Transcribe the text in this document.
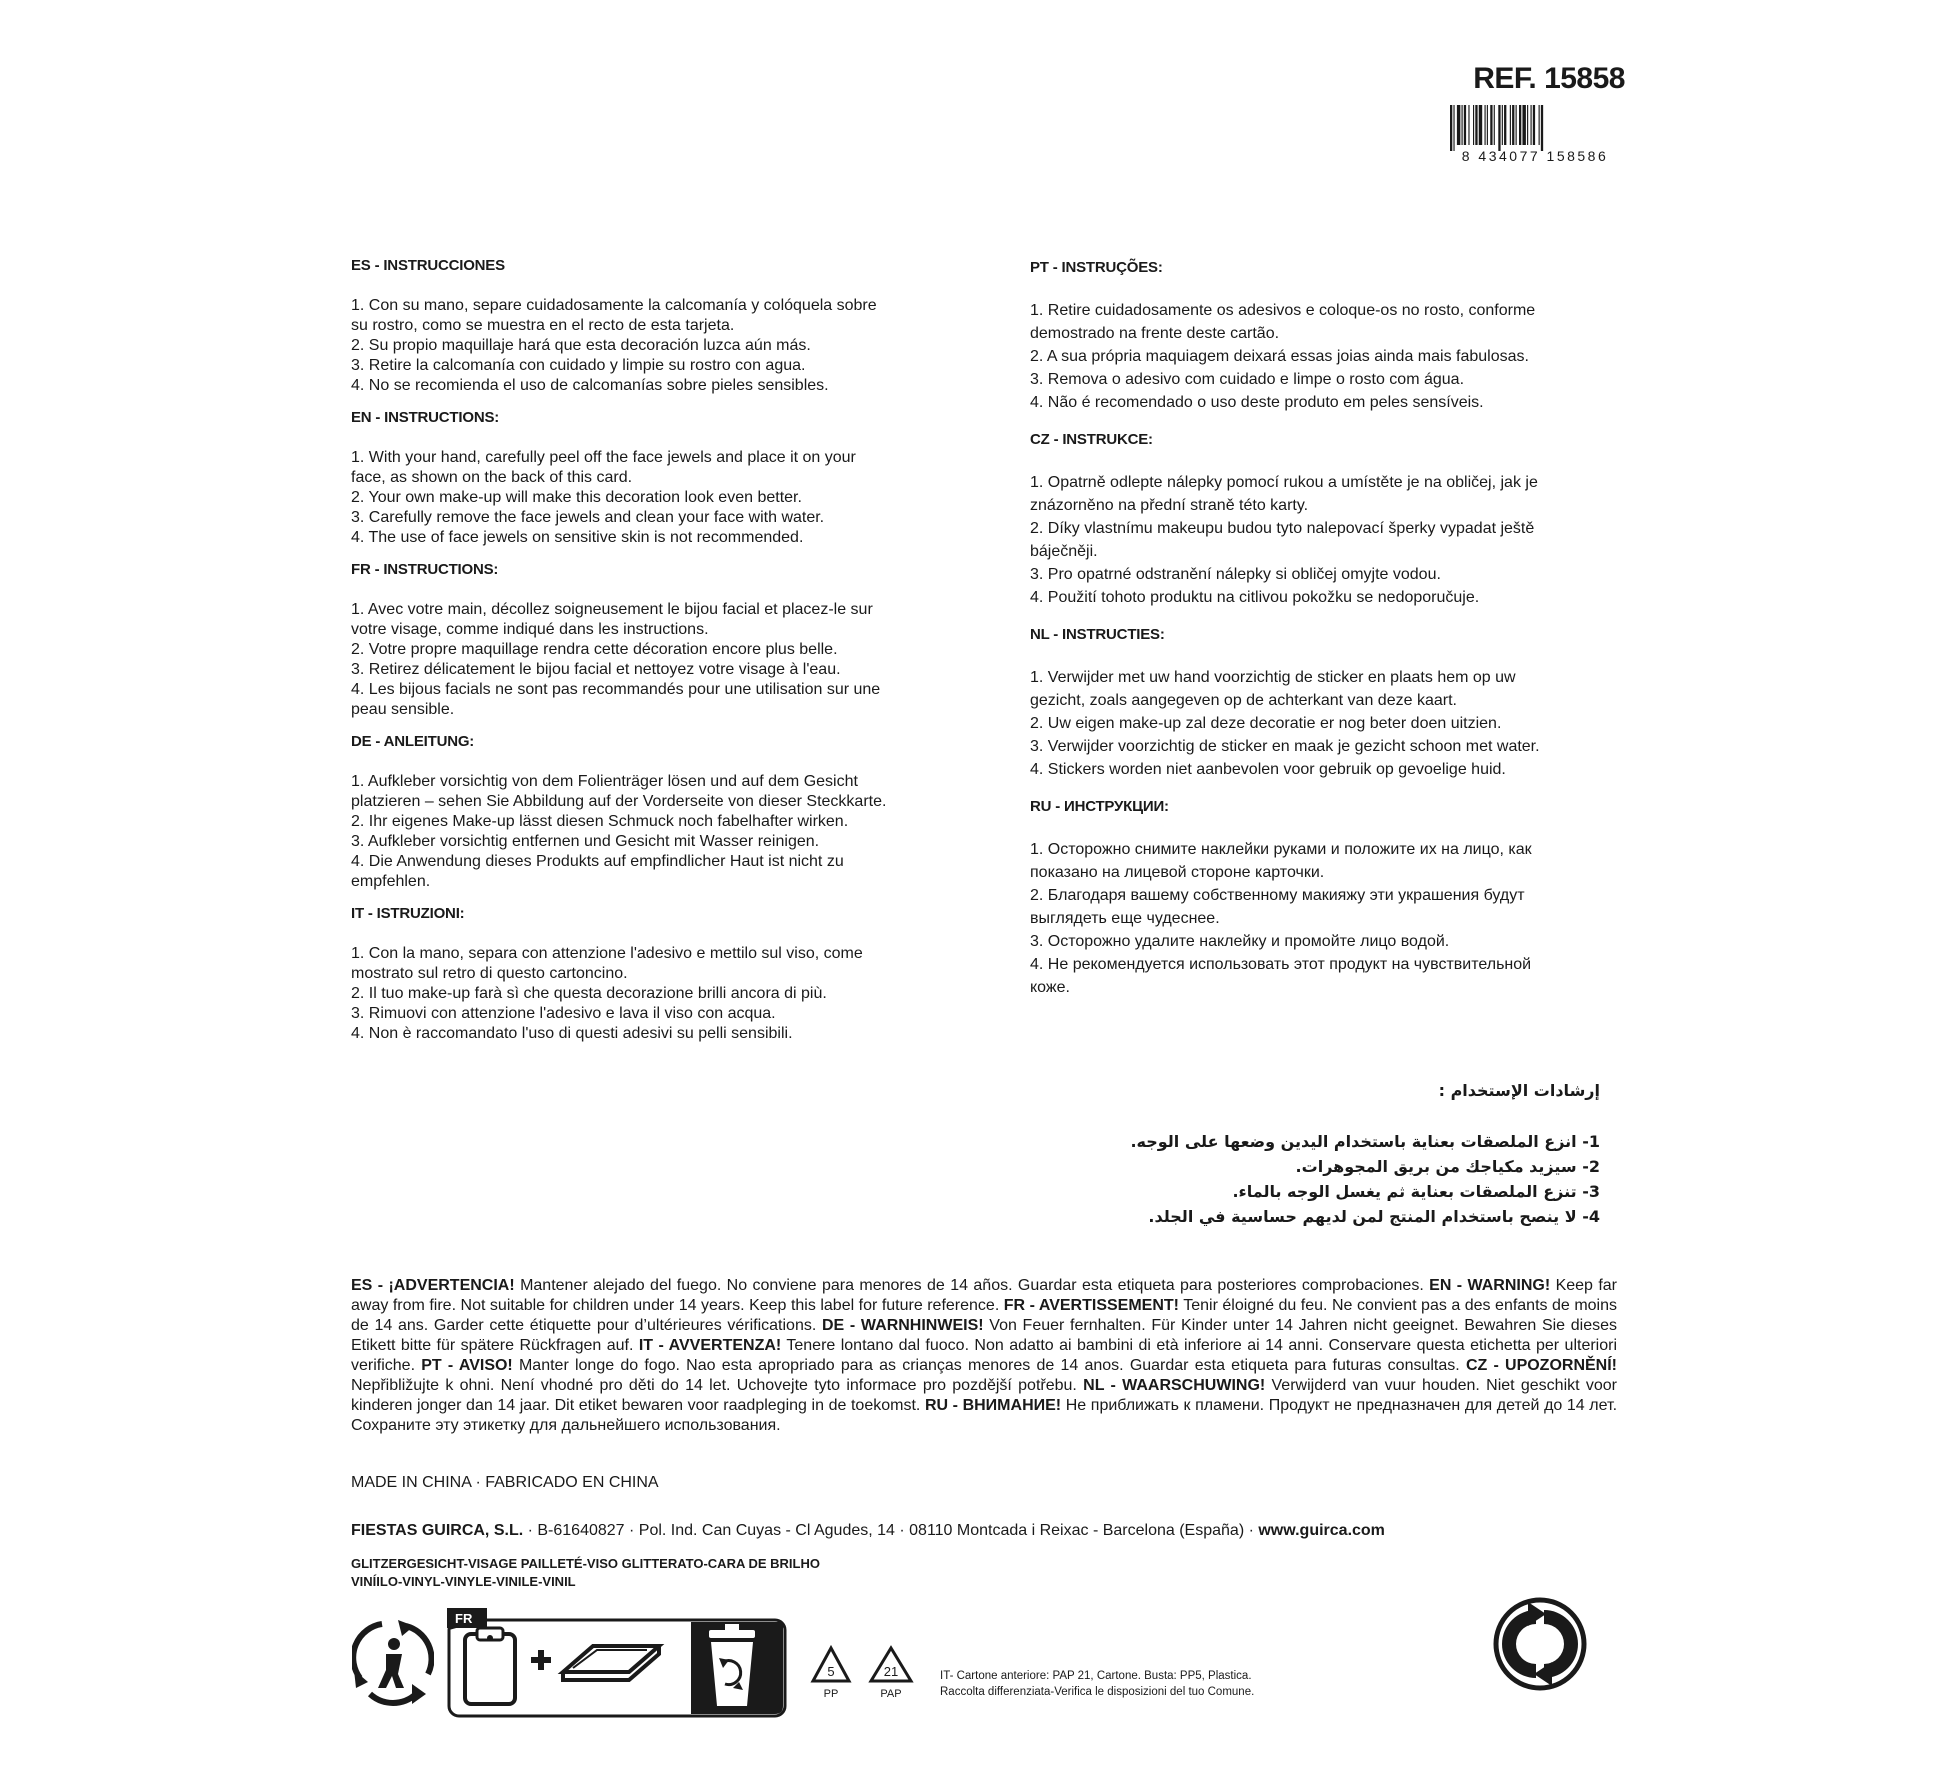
REF. 15858
8 434077 158586
ES - INSTRUCCIONES
1. Con su mano, separe cuidadosamente la calcomanía y colóquela sobre
su rostro, como se muestra en el recto de esta tarjeta.
2. Su propio maquillaje hará que esta decoración luzca aún más.
3. Retire la calcomanía con cuidado y limpie su rostro con agua.
4. No se recomienda el uso de calcomanías sobre pieles sensibles.
EN - INSTRUCTIONS:
1. With your hand, carefully peel off the face jewels and place it on your
face, as shown on the back of this card.
2. Your own make-up will make this decoration look even better.
3. Carefully remove the face jewels and clean your face with water.
4. The use of face jewels on sensitive skin is not recommended.
FR - INSTRUCTIONS:
1. Avec votre main, décollez soigneusement le bijou facial et placez-le sur
votre visage, comme indiqué dans les instructions.
2. Votre propre maquillage rendra cette décoration encore plus belle.
3. Retirez délicatement le bijou facial et nettoyez votre visage à l'eau.
4. Les bijous facials ne sont pas recommandés pour une utilisation sur une
peau sensible.
DE - ANLEITUNG:
1. Aufkleber vorsichtig von dem Folienträger lösen und auf dem Gesicht
platzieren – sehen Sie Abbildung auf der Vorderseite von dieser Steckkarte.
2. Ihr eigenes Make-up lässt diesen Schmuck noch fabelhafter wirken.
3. Aufkleber vorsichtig entfernen und Gesicht mit Wasser reinigen.
4. Die Anwendung dieses Produkts auf empfindlicher Haut ist nicht zu
empfehlen.
IT - ISTRUZIONI:
1. Con la mano, separa con attenzione l'adesivo e mettilo sul viso, come
mostrato sul retro di questo cartoncino.
2. Il tuo make-up farà sì che questa decorazione brilli ancora di più.
3. Rimuovi con attenzione l'adesivo e lava il viso con acqua.
4. Non è raccomandato l'uso di questi adesivi su pelli sensibili.
PT - INSTRUÇÕES:
1. Retire cuidadosamente os adesivos e coloque-os no rosto, conforme
demostrado na frente deste cartão.
2. A sua própria maquiagem deixará essas joias ainda mais fabulosas.
3. Remova o adesivo com cuidado e limpe o rosto com água.
4. Não é recomendado o uso deste produto em peles sensíveis.
CZ - INSTRUKCE:
1. Opatrně odlepte nálepky pomocí rukou a umístěte je na obličej, jak je
znázorněno na přední straně této karty.
2. Díky vlastnímu makeupu budou tyto nalepovací šperky vypadat ještě
báječněji.
3. Pro opatrné odstranění nálepky si obličej omyjte vodou.
4. Použití tohoto produktu na citlivou pokožku se nedoporučuje.
NL - INSTRUCTIES:
1. Verwijder met uw hand voorzichtig de sticker en plaats hem op uw
gezicht, zoals aangegeven op de achterkant van deze kaart.
2. Uw eigen make-up zal deze decoratie er nog beter doen uitzien.
3. Verwijder voorzichtig de sticker en maak je gezicht schoon met water.
4. Stickers worden niet aanbevolen voor gebruik op gevoelige huid.
RU - ИНСТРУКЦИИ:
1. Осторожно снимите наклейки руками и положите их на лицо, как
показано на лицевой стороне карточки.
2. Благодаря вашему собственному макияжу эти украшения будут
выглядеть еще чудеснее.
3. Осторожно удалите наклейку и промойте лицо водой.
4. Не рекомендуется использовать этот продукт на чувствительной
коже.
إرشادات الإستخدام :
1- انزع الملصقات بعناية باستخدام اليدين وضعها على الوجه.
2- سيزيد مكياجك من بريق المجوهرات.
3- تنزع الملصقات بعناية ثم يغسل الوجه بالماء.
4- لا ينصح باستخدام المنتج لمن لديهم حساسية في الجلد.
ES - ¡ADVERTENCIA! Mantener alejado del fuego. No conviene para menores de 14 años. Guardar esta etiqueta para posteriores comprobaciones. EN - WARNING! Keep far away from fire. Not suitable for children under 14 years. Keep this label for future reference. FR - AVERTISSEMENT! Tenir éloigné du feu. Ne convient pas a des enfants de moins de 14 ans. Garder cette étiquette pour d’ultérieures vérifications. DE - WARNHINWEIS! Von Feuer fernhalten. Für Kinder unter 14 Jahren nicht geeignet. Bewahren Sie dieses Etikett bitte für spätere Rückfragen auf. IT - AVVERTENZA! Tenere lontano dal fuoco. Non adatto ai bambini di età inferiore ai 14 anni. Conservare questa etichetta per ulteriori verifiche. PT - AVISO! Manter longe do fogo. Nao esta apropriado para as crianças menores de 14 anos. Guardar esta etiqueta para futuras consultas. CZ - UPOZORNĚNÍ! Nepřibližujte k ohni. Není vhodné pro děti do 14 let. Uchovejte tyto informace pro pozdější potřebu. NL - WAARSCHUWING! Verwijderd van vuur houden. Niet geschikt voor kinderen jonger dan 14 jaar. Dit etiket bewaren voor raadpleging in de toekomst. RU - ВНИМАНИЕ! Не приближать к пламени. Продукт не предназначен для детей до 14 лет. Сохраните эту этикетку для дальнейшего использования.
MADE IN CHINA · FABRICADO EN CHINA
FIESTAS GUIRCA, S.L. · B-61640827 · Pol. Ind. Can Cuyas - Cl Agudes, 14 · 08110 Montcada i Reixac - Barcelona (España) · www.guirca.com
GLITZERGESICHT-VISAGE PAILLETÉ-VISO GLITTERATO-CARA DE BRILHO
VINÍILO-VINYL-VINYLE-VINILE-VINIL
FR
5
PP
21
PAP
IT- Cartone anteriore: PAP 21, Cartone. Busta: PP5, Plastica.
Raccolta differenziata-Verifica le disposizioni del tuo Comune.
